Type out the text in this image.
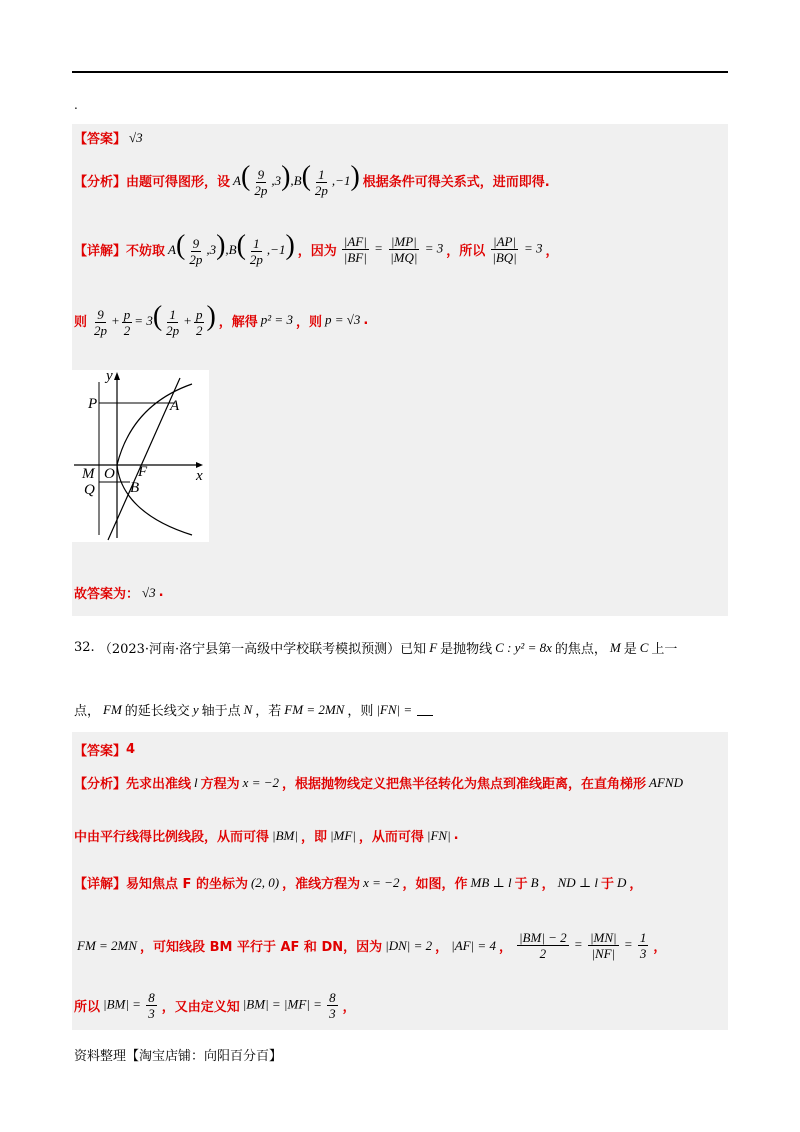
.
【答案】 √3
【分析】 由题可得图形，设 $A( \frac{9}{2p} ,3),B( \frac{1}{2p} ,-1)$ 根据条件可得关系式，进而即得.
【详解】 不妨取 $A( \frac{9}{2p} ,3),B( \frac{1}{2p} ,-1)$ ，因为 $\frac{|AF|}{|BF|} = \frac{|MP|}{|MQ|} = 3$ ，所以 $\frac{|AP|}{|BQ|} = 3$ ，
则 $\frac{9}{2p} + \frac{p}{2} = 3( \frac{1}{2p} + \frac{p}{2}$ ) ，解得 p² = 3 ，则 p = √3 .
y
P	A
M O F	x
Q B
故答案为： √3 .
32.
（2023·河南·洛宁县第一高级中学校联考模拟预测）已知 F 是抛物线 C : y² = 8x 的焦点， M 是 C 上一
点， FM 的延长线交 y 轴于点 N ，若 FM = 2MN ，则 |FN| =
【答案】 4
【分析】 先求出准线 l 方程为 x = −2 ，根据抛物线定义把焦半径转化为焦点到准线距离，在直角梯形 AFND
中由平行线得比例线段，从而可得 |BM| ，即 |MF| ，从而可得 |FN| .
【详解】 易知焦点 F 的坐标为 (2, 0) ，准线方程为 x = −2 ，如图，作 MB ⊥ l 于 B ， ND ⊥ l 于 D ，
FM = 2MN ，可知线段 BM 平行于 AF 和 DN，因为 |DN| = 2 ， |AF| = 4 ， $\frac{|BM| - 2}{2} = \frac{|MN|}{|NF|} = \frac{1}{3}$ ，
所以 $|BM| = \frac{8}{3}$ ，又由定义知 $|BM| = |MF| = \frac{8}{3}$ ，
资料整理【淘宝店铺：向阳百分百】
